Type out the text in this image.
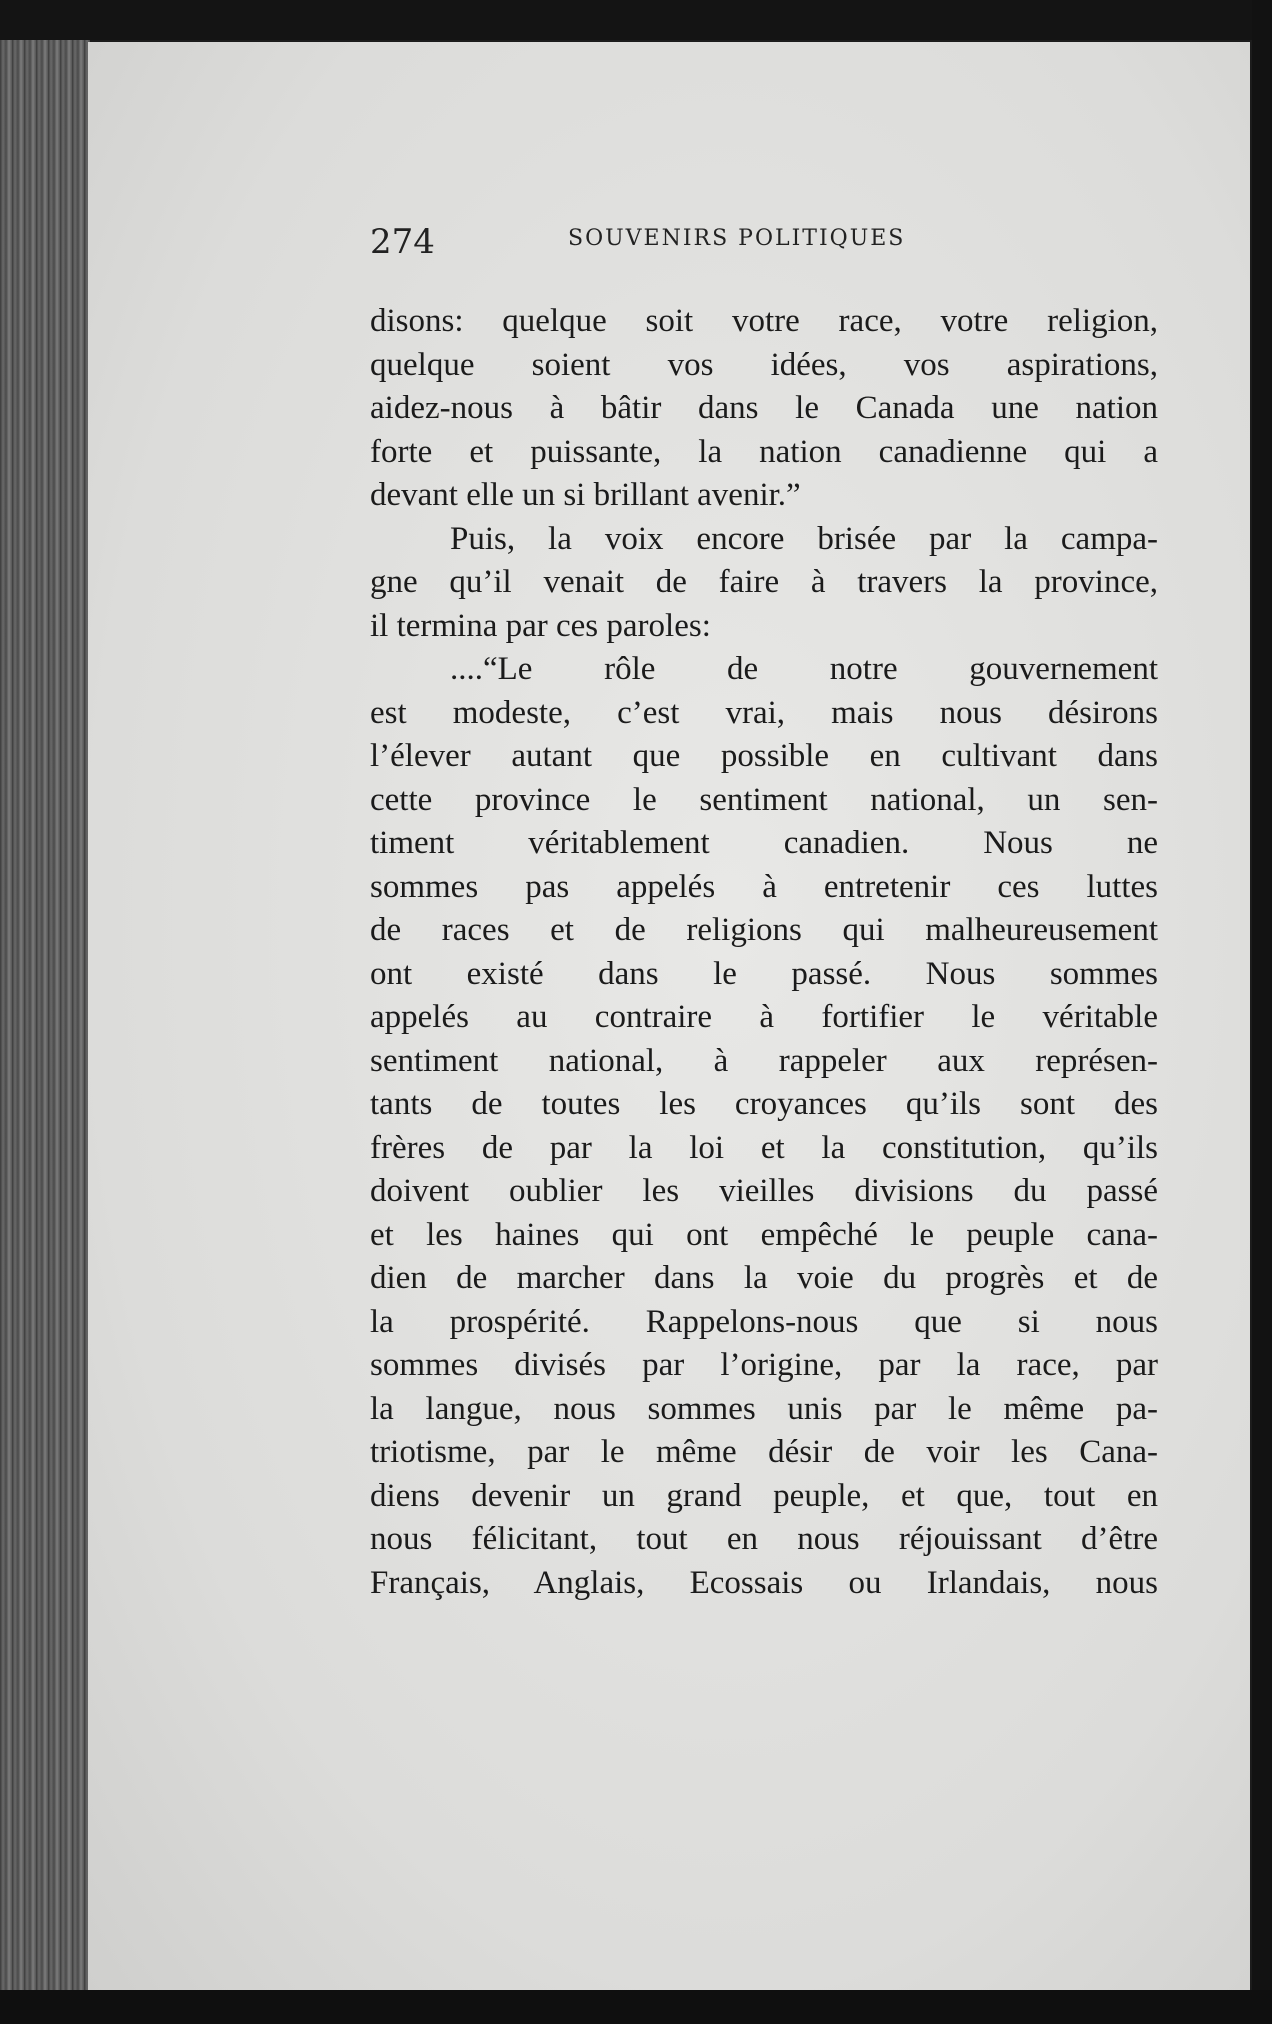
274	SOUVENIRS POLITIQUES
disons: quelque soit votre race, votre religion,
quelque soient vos idées, vos aspirations,
aidez-nous à bâtir dans le Canada une nation
forte et puissante, la nation canadienne qui a
devant elle un si brillant avenir.”
Puis, la voix encore brisée par la campa-
gne qu’il venait de faire à travers la province,
il termina par ces paroles:
....“Le rôle de notre gouvernement
est modeste, c’est vrai, mais nous désirons
l’élever autant que possible en cultivant dans
cette province le sentiment national, un sen-
timent véritablement canadien. Nous ne
sommes pas appelés à entretenir ces luttes
de races et de religions qui malheureusement
ont existé dans le passé. Nous sommes
appelés au contraire à fortifier le véritable
sentiment national, à rappeler aux représen-
tants de toutes les croyances qu’ils sont des
frères de par la loi et la constitution, qu’ils
doivent oublier les vieilles divisions du passé
et les haines qui ont empêché le peuple cana-
dien de marcher dans la voie du progrès et de
la prospérité. Rappelons-nous que si nous
sommes divisés par l’origine, par la race, par
la langue, nous sommes unis par le même pa-
triotisme, par le même désir de voir les Cana-
diens devenir un grand peuple, et que, tout en
nous félicitant, tout en nous réjouissant d’être
Français, Anglais, Ecossais ou Irlandais, nous
